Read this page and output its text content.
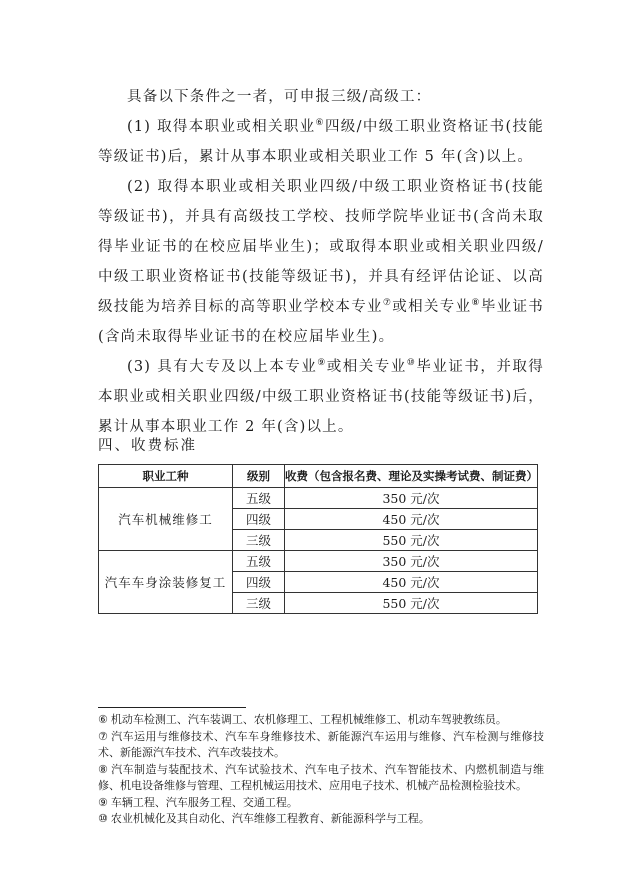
具备以下条件之一者，可申报三级/高级工：

(1) 取得本职业或相关职业⑥四级/中级工职业资格证书(技能等级证书)后，累计从事本职业或相关职业工作 5 年(含)以上。

(2) 取得本职业或相关职业四级/中级工职业资格证书(技能等级证书)，并具有高级技工学校、技师学院毕业证书(含尚未取得毕业证书的在校应届毕业生)；或取得本职业或相关职业四级/中级工职业资格证书(技能等级证书)，并具有经评估论证、以高级技能为培养目标的高等职业学校本专业⑦或相关专业⑧毕业证书(含尚未取得毕业证书的在校应届毕业生)。

(3) 具有大专及以上本专业⑨或相关专业⑩毕业证书，并取得本职业或相关职业四级/中级工职业资格证书(技能等级证书)后，累计从事本职业工作 2 年(含)以上。

四、收费标准

职业工种	级别	收费（包含报名费、理论及实操考试费、制证费）
汽车机械维修工	五级	350 元/次
	四级	450 元/次
	三级	550 元/次
汽车车身涂装修复工	五级	350 元/次
	四级	450 元/次
	三级	550 元/次

⑥ 机动车检测工、汽车装调工、农机修理工、工程机械维修工、机动车驾驶教练员。

⑦ 汽车运用与维修技术、汽车车身维修技术、新能源汽车运用与维修、汽车检测与维修技术、新能源汽车技术、汽车改装技术。

⑧ 汽车制造与装配技术、汽车试验技术、汽车电子技术、汽车智能技术、内燃机制造与维修、机电设备维修与管理、工程机械运用技术、应用电子技术、机械产品检测检验技术。

⑨ 车辆工程、汽车服务工程、交通工程。

⑩ 农业机械化及其自动化、汽车维修工程教育、新能源科学与工程。
